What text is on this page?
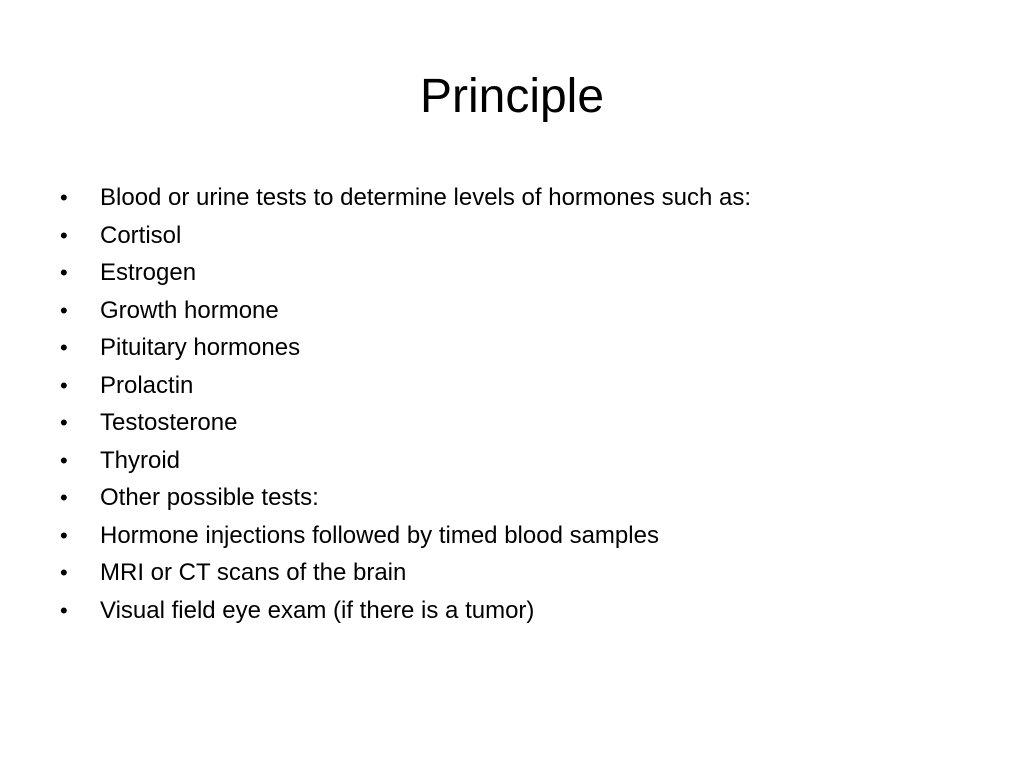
Principle
•	Blood or urine tests to determine levels of hormones such as:
•	Cortisol
•	Estrogen
•	Growth hormone
•	Pituitary hormones
•	Prolactin
•	Testosterone
•	Thyroid
•	Other possible tests:
•	Hormone injections followed by timed blood samples
•	MRI or CT scans of the brain
•	Visual field eye exam (if there is a tumor)
